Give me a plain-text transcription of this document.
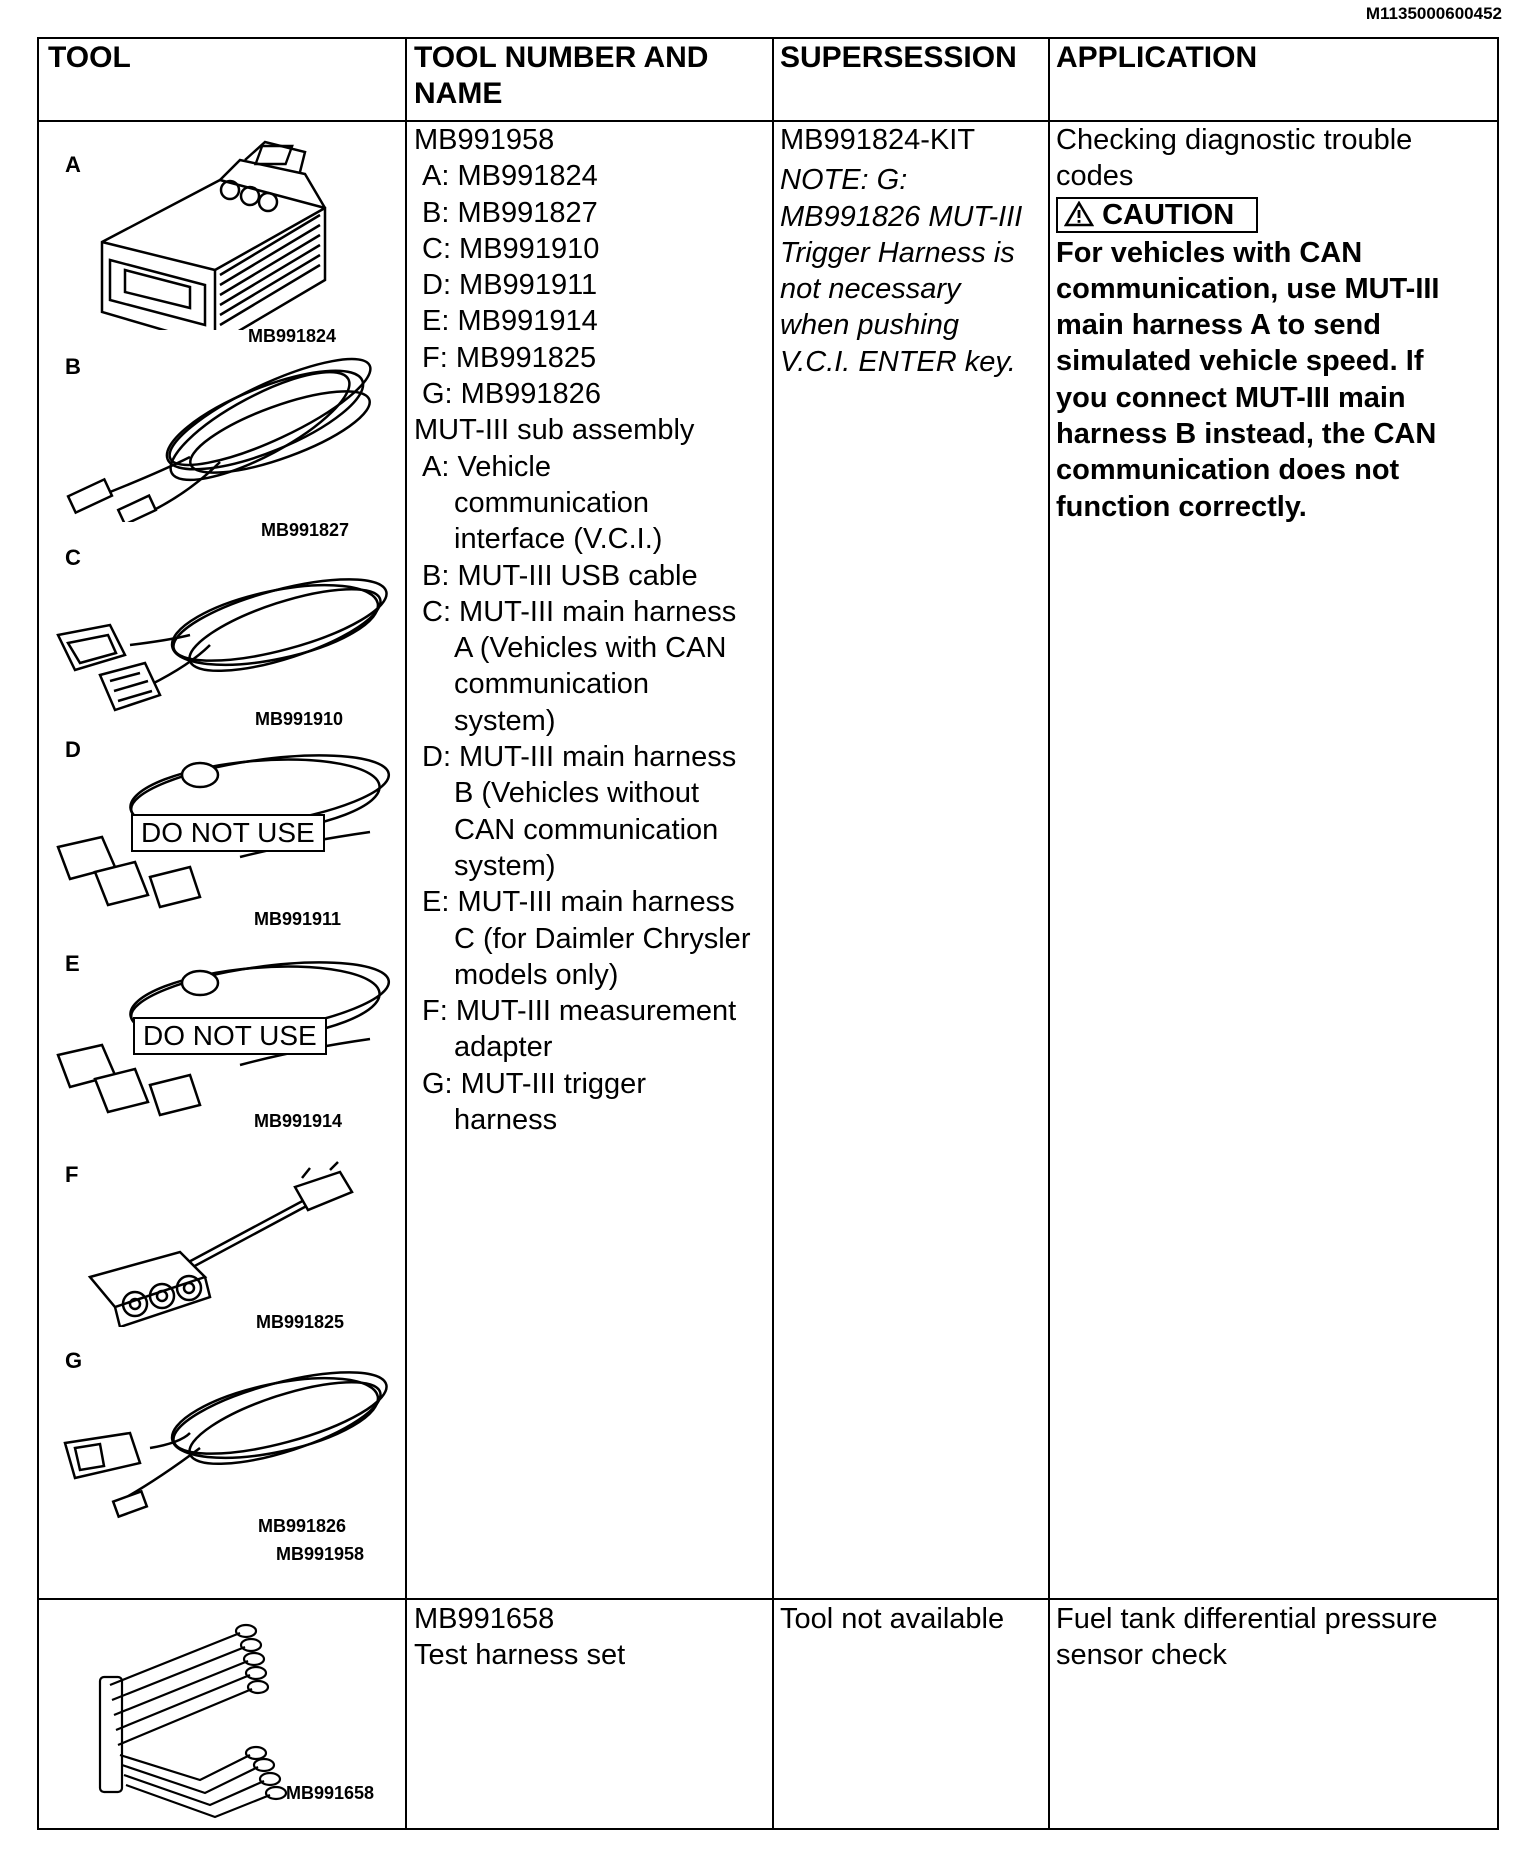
M1135000600452
TOOL	TOOL NUMBER AND
NAME
SUPERSESSION APPLICATION
A
MB991824
B
MB991827
C
MB991910
D
DO NOT USE
MB991911
E
DO NOT USE
MB991914
F
MB991825
G
MB991826
MB991958
MB991958
A: MB991824
B: MB991827
C: MB991910
D: MB991911
E: MB991914
F: MB991825
G: MB991826
MUT-III sub assembly
A: Vehicle
communication
interface (V.C.I.)
B: MUT-III USB cable
C: MUT-III main harness
A (Vehicles with CAN
communication
system)
D: MUT-III main harness
B (Vehicles without
CAN communication
system)
E: MUT-III main harness
C (for Daimler Chrysler
models only)
F: MUT-III measurement
adapter
G: MUT-III trigger
harness
MB991824-KIT
NOTE: G:
MB991826 MUT-III
Trigger Harness is
not necessary
when pushing
V.C.I. ENTER key.
Checking diagnostic trouble
codes
CAUTION
For vehicles with CAN
communication, use MUT-III
main harness A to send
simulated vehicle speed. If
you connect MUT-III main
harness B instead, the CAN
communication does not
function correctly.
MB991658
MB991658
Test harness set
Tool not available Fuel tank differential pressure
sensor check
